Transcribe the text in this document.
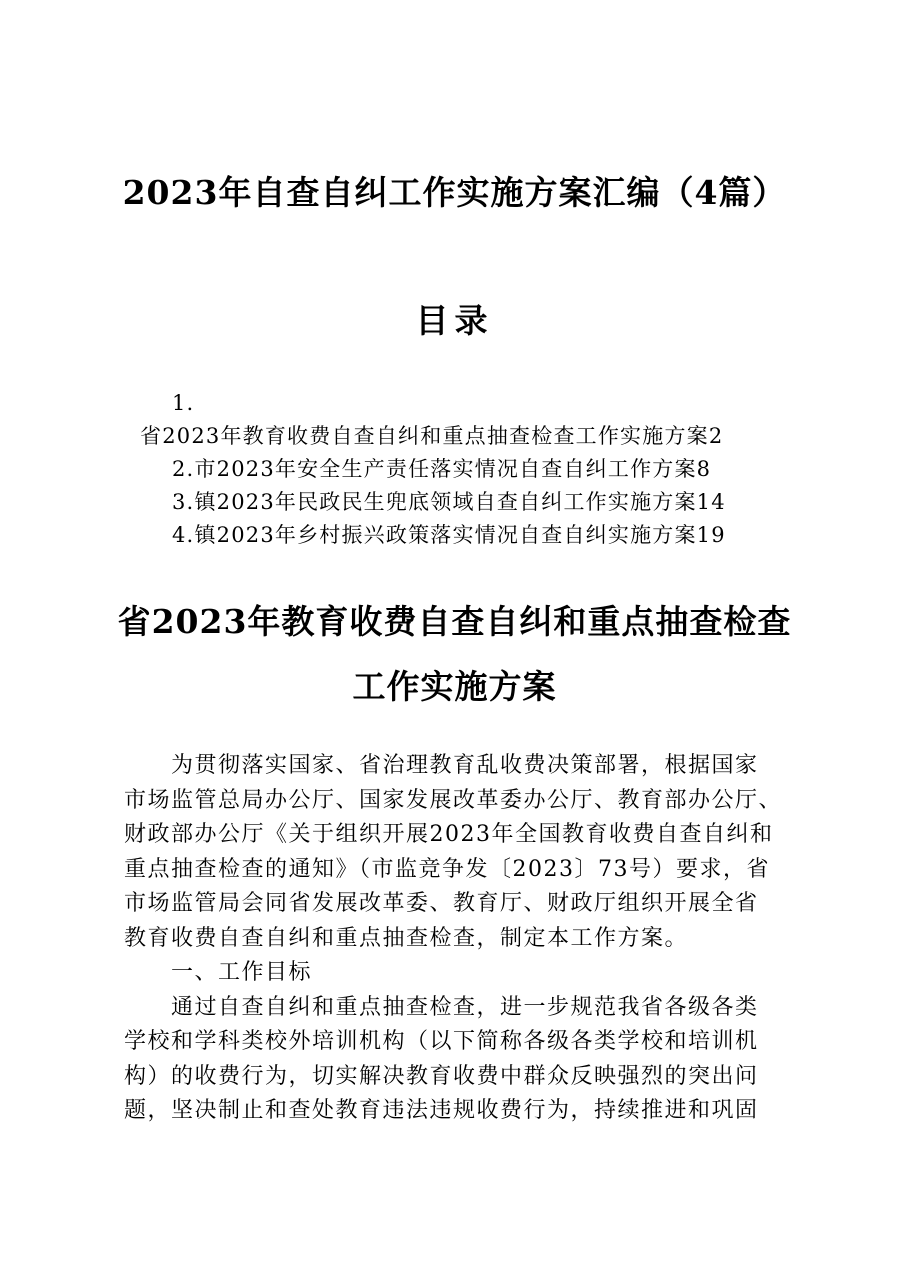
2023年自查自纠工作实施方案汇编（4篇）
目录
1.
省2023年教育收费自查自纠和重点抽查检查工作实施方案2
2.市2023年安全生产责任落实情况自查自纠工作方案8
3.镇2023年民政民生兜底领域自查自纠工作实施方案14
4.镇2023年乡村振兴政策落实情况自查自纠实施方案19
省2023年教育收费自查自纠和重点抽查检查
工作实施方案
　　为贯彻落实国家、省治理教育乱收费决策部署，根据国家
市场监管总局办公厅、国家发展改革委办公厅、教育部办公厅、
财政部办公厅《关于组织开展2023年全国教育收费自查自纠和
重点抽查检查的通知》（市监竞争发〔2023〕73号）要求，省
市场监管局会同省发展改革委、教育厅、财政厅组织开展全省
教育收费自查自纠和重点抽查检查，制定本工作方案。
　　一、工作目标
　　通过自查自纠和重点抽查检查，进一步规范我省各级各类
学校和学科类校外培训机构（以下简称各级各类学校和培训机
构）的收费行为，切实解决教育收费中群众反映强烈的突出问
题，坚决制止和查处教育违法违规收费行为，持续推进和巩固
